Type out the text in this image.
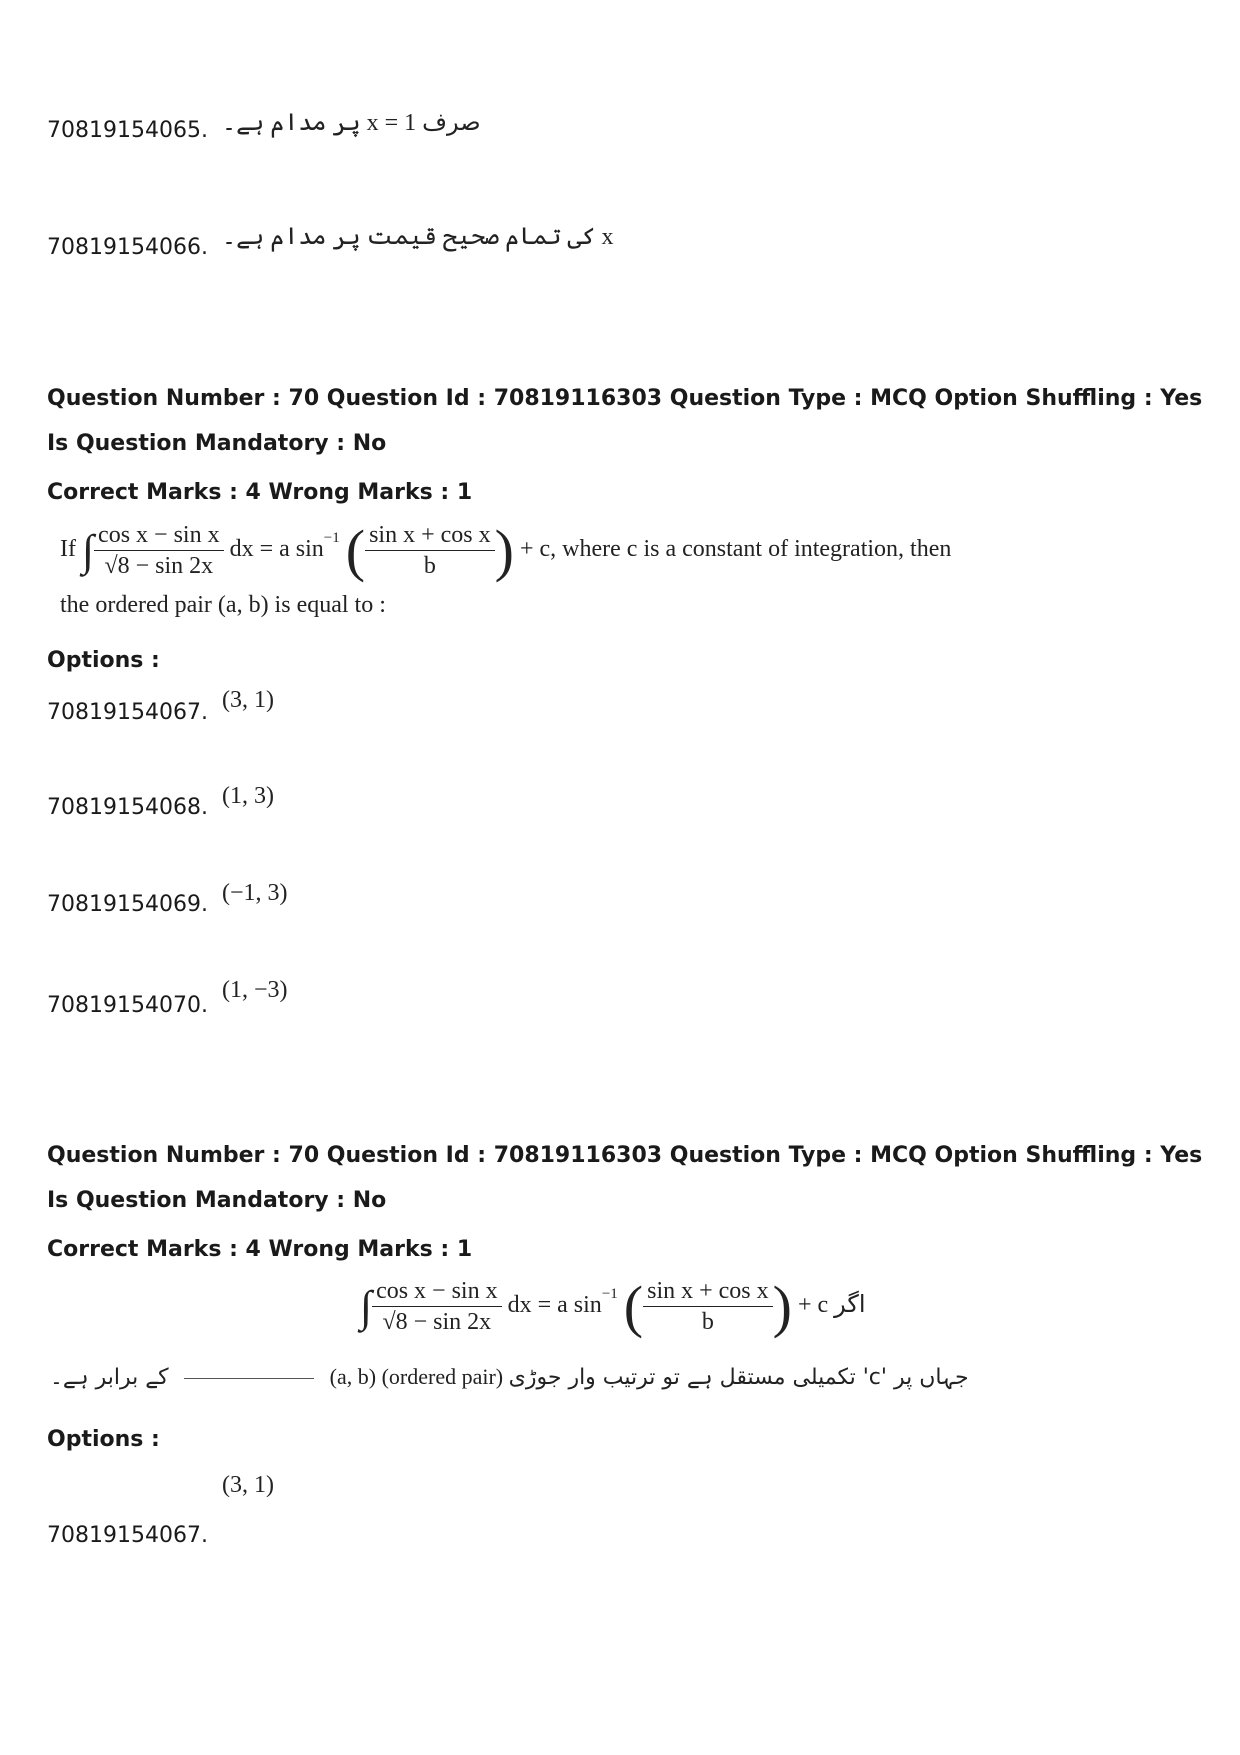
70819154065. صرف x = 1 پر مدام ہے۔
70819154066. x کی تمام صحیح قیمت پر مدام ہے۔
Question Number : 70 Question Id : 70819116303 Question Type : MCQ Option Shuffling : Yes
Is Question Mandatory : No
Correct Marks : 4 Wrong Marks : 1
If ∫ $\frac{\text{cos x − sin x}}{√8 - \sin 2x}$ dx = a $\sin^{-1}$ ( $\frac{\text{sin x + cos x}}{b}$ ) + c, where c is a constant of integration, then
the ordered pair (a, b) is equal to :
Options :
70819154067. (3, 1)
70819154068. (1, 3)
70819154069. (−1, 3)
70819154070.
(1, −3)
Question Number : 70 Question Id : 70819116303 Question Type : MCQ Option Shuffling : Yes
Is Question Mandatory : No
Correct Marks : 4 Wrong Marks : 1
∫ $\frac{\text{cos x − sin x}}{√8 - \sin 2x}$ dx = a $\sin^{-1}$ ( $\frac{\text{sin x + cos x}}{b}$ ) + c اگر
کے برابر ہے۔	(a, b) (ordered pair) جہاں پر 'c' تکمیلی مستقل ہے تو ترتیب وار جوڑی
Options :
70819154067.
(3, 1)
